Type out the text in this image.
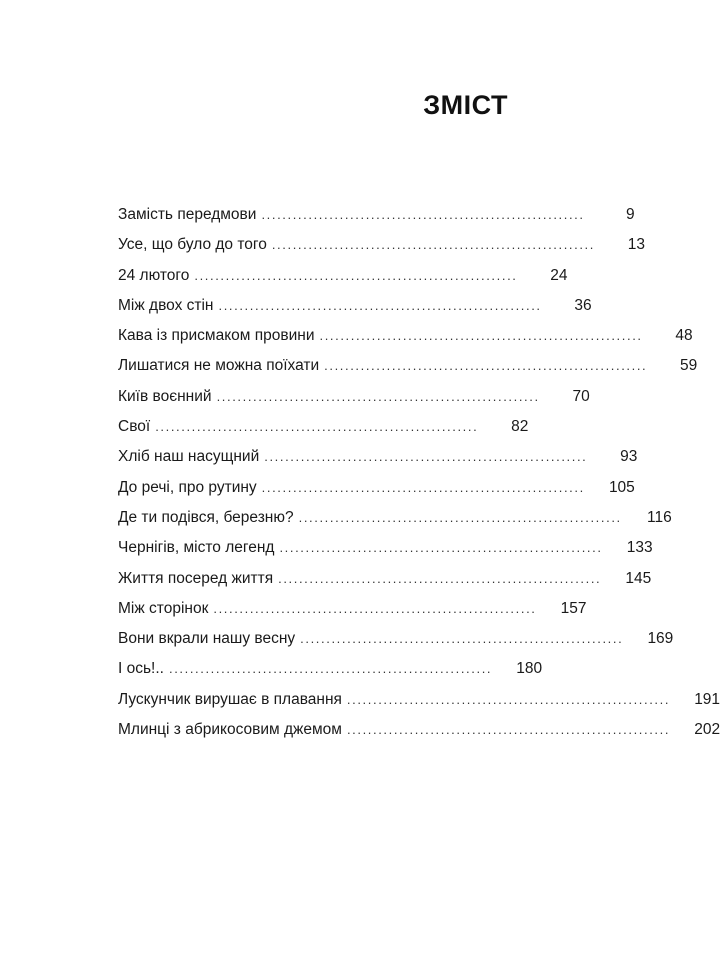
ЗМІСТ
Замість передмови ..............................................................	9
Усе, що було до того ..............................................................	13
24 лютого ..............................................................	24
Між двох стін ..............................................................	36
Кава із присмаком провини ..............................................................	48
Лишатися не можна поїхати ..............................................................	59
Київ воєнний ..............................................................	70
Свої ..............................................................	82
Хліб наш насущний ..............................................................	93
До речі, про рутину ..............................................................	105
Де ти подівся, березню? ..............................................................	116
Чернігів, місто легенд ..............................................................	133
Життя посеред життя ..............................................................	145
Між сторінок ..............................................................	157
Вони вкрали нашу весну ..............................................................	169
І ось!.. ..............................................................	180
Лускунчик вирушає в плавання ..............................................................	191
Млинці з абрикосовим джемом ..............................................................	202
